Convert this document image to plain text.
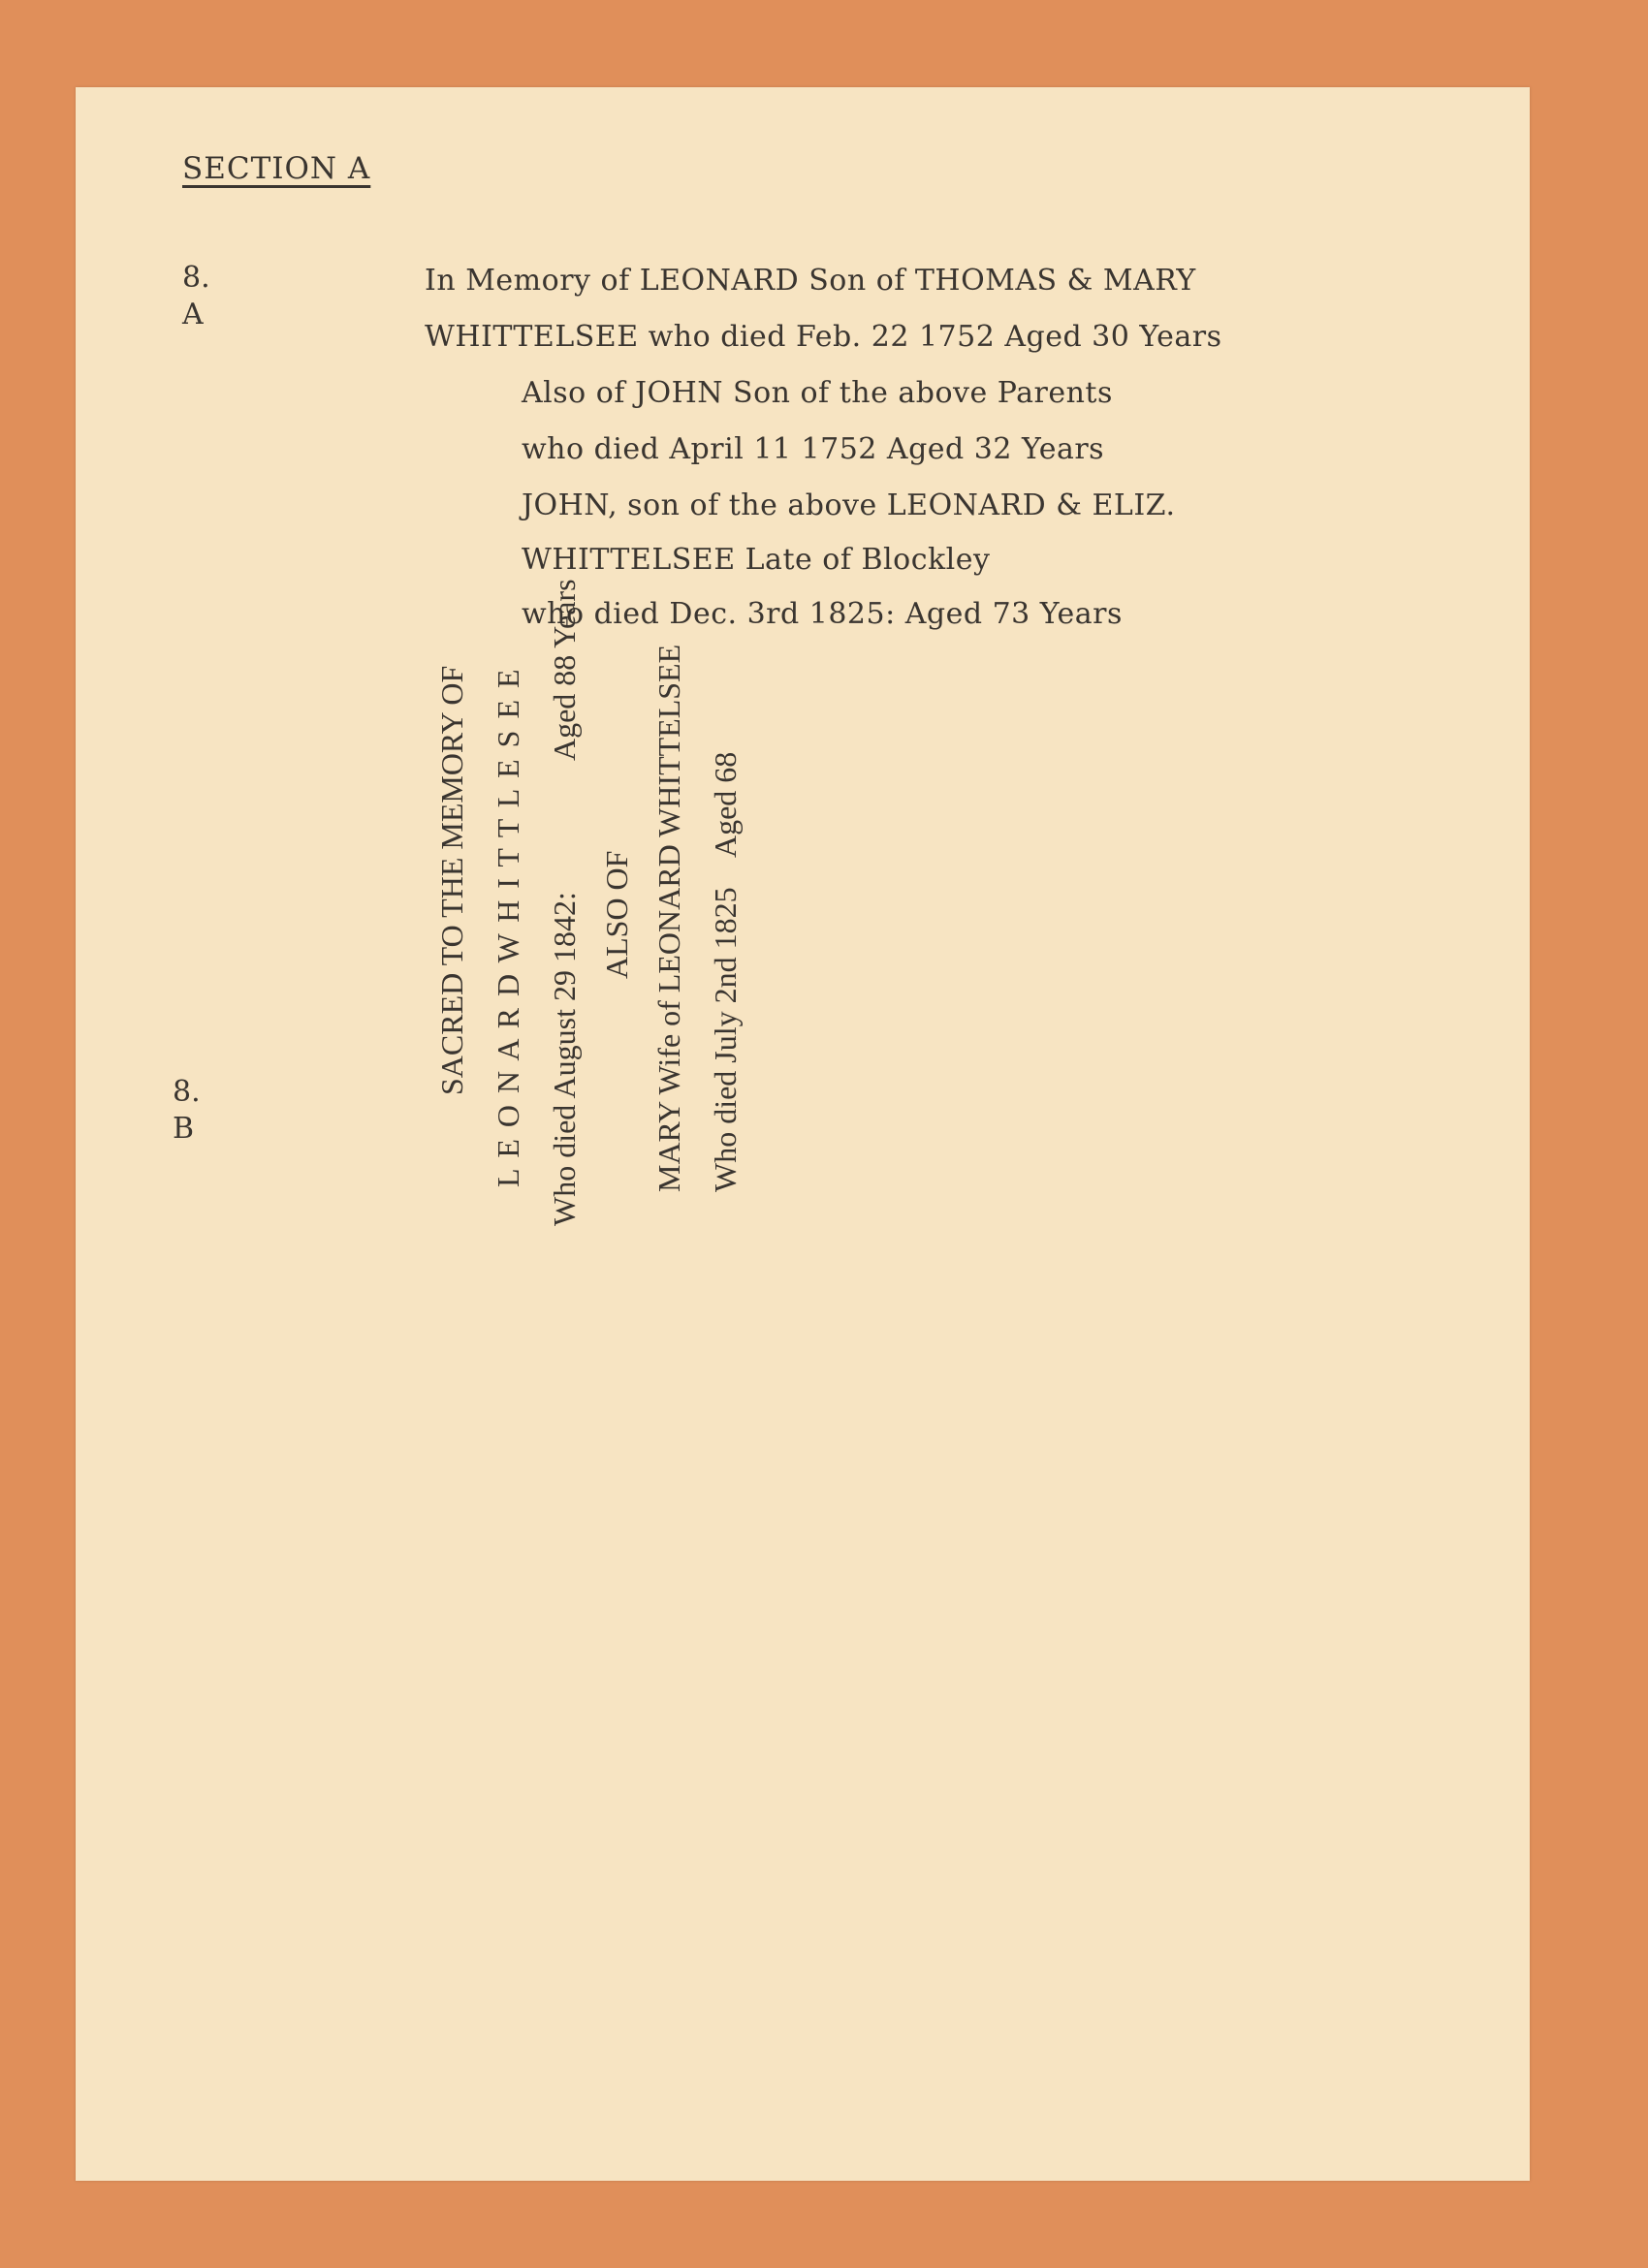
SECTION A
8.
A
In Memory of LEONARD Son of THOMAS & MARY
WHITTELSEE who died Feb. 22 1752 Aged 30 Years
Also of JOHN Son of the above Parents
who died April 11 1752 Aged 32 Years
JOHN, son of the above LEONARD & ELIZ.
WHITTELSEE Late of Blockley
who died Dec. 3rd 1825: Aged 73 Years
8.
B
SACRED TO THE MEMORY OF L E O N A R D W H I T T L E S E E Who died August 29 1842:
Aged 88 Years
ALSO OF MARY Wife of LEONARD WHITTELSEE Who died July 2nd 1825
Aged 68
